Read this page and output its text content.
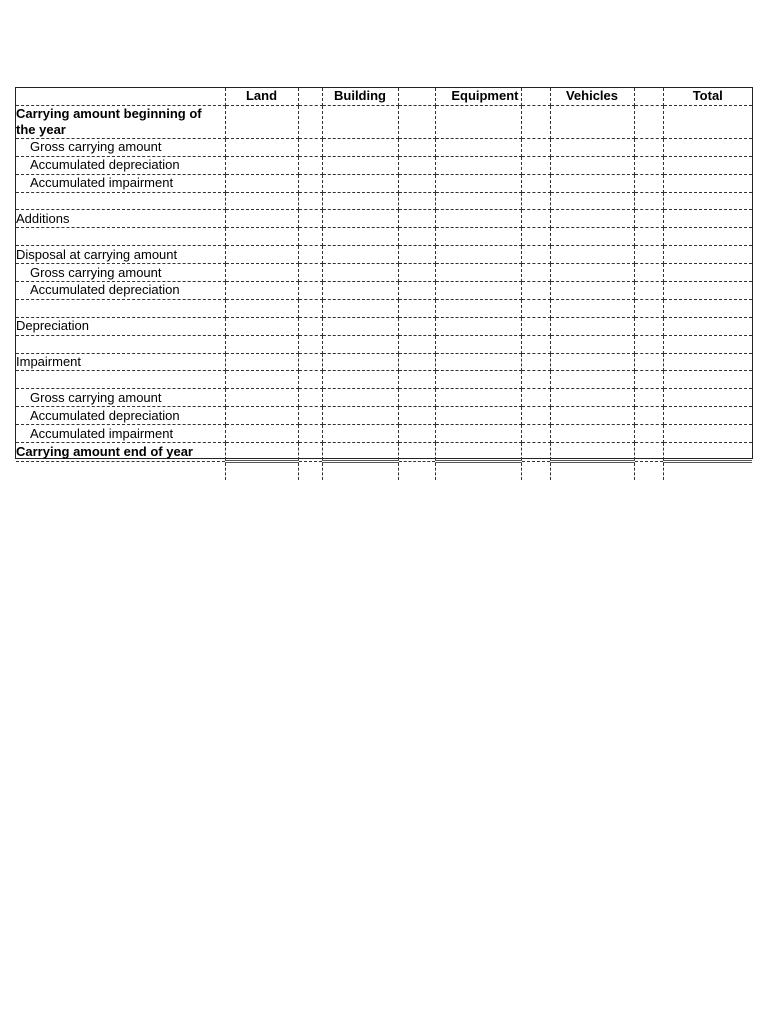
	Land		Building		Equipment		Vehicles		Total
Carrying amount beginning of the year									
Gross carrying amount									
Accumulated depreciation									
Accumulated impairment									

Additions									

Disposal at carrying amount									
Gross carrying amount									
Accumulated depreciation									

Depreciation									

Impairment									

Gross carrying amount									
Accumulated depreciation									
Accumulated impairment									
Carrying amount end of year									
